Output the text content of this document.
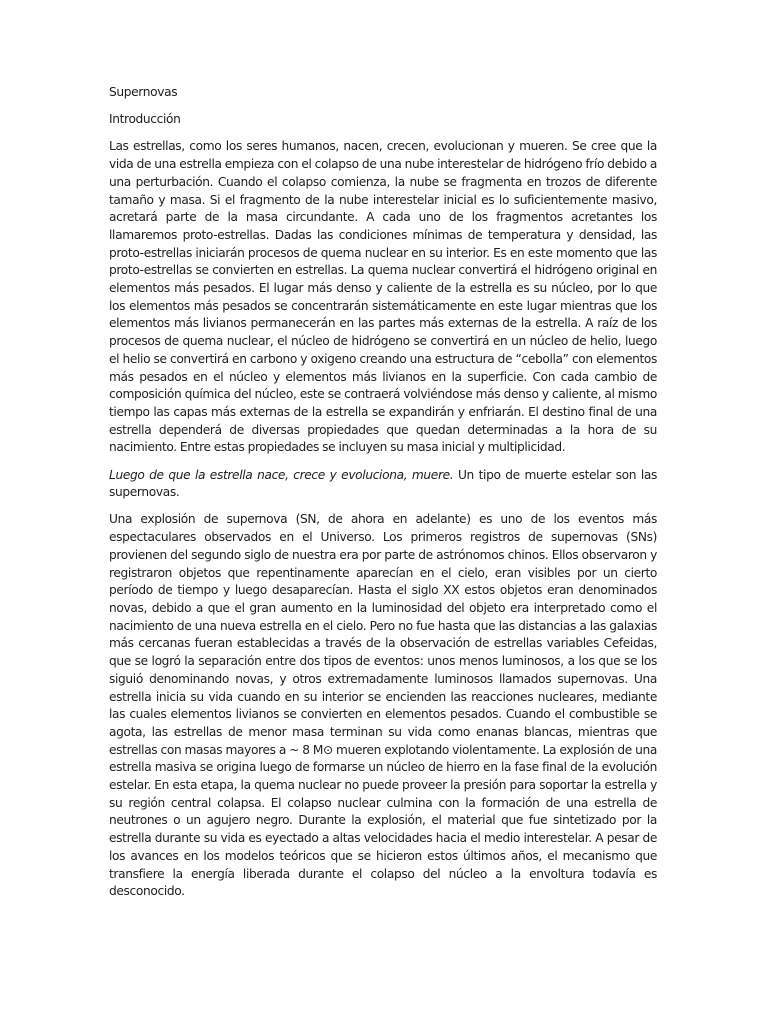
Supernovas
Introducción

Las estrellas, como los seres humanos, nacen, crecen, evolucionan y mueren. Se cree que la vida de una estrella empieza con el colapso de una nube interestelar de hidrógeno frío debido a una perturbación. Cuando el colapso comienza, la nube se fragmenta en trozos de diferente tamaño y masa. Si el fragmento de la nube interestelar inicial es lo suficientemente masivo, acretará parte de la masa circundante. A cada uno de los fragmentos acretantes los llamaremos proto-estrellas. Dadas las condiciones mínimas de temperatura y densidad, las proto-estrellas iniciarán procesos de quema nuclear en su interior. Es en este momento que las proto-estrellas se convierten en estrellas. La quema nuclear convertirá el hidrógeno original en elementos más pesados. El lugar más denso y caliente de la estrella es su núcleo, por lo que los elementos más pesados se concentrarán sistemáticamente en este lugar mientras que los elementos más livianos permanecerán en las partes más externas de la estrella. A raíz de los procesos de quema nuclear, el núcleo de hidrógeno se convertirá en un núcleo de helio, luego el helio se convertirá en carbono y oxigeno creando una estructura de “cebolla” con elementos más pesados en el núcleo y elementos más livianos en la superficie. Con cada cambio de composición química del núcleo, este se contraerá volviéndose más denso y caliente, al mismo tiempo las capas más externas de la estrella se expandirán y enfriarán. El destino final de una estrella dependerá de diversas propiedades que quedan determinadas a la hora de su nacimiento. Entre estas propiedades se incluyen su masa inicial y multiplicidad.

Luego de que la estrella nace, crece y evoluciona, muere. Un tipo de muerte estelar son las supernovas.

Una explosión de supernova (SN, de ahora en adelante) es uno de los eventos más espectaculares observados en el Universo. Los primeros registros de supernovas (SNs) provienen del segundo siglo de nuestra era por parte de astrónomos chinos. Ellos observaron y registraron objetos que repentinamente aparecían en el cielo, eran visibles por un cierto período de tiempo y luego desaparecían. Hasta el siglo XX estos objetos eran denominados novas, debido a que el gran aumento en la luminosidad del objeto era interpretado como el nacimiento de una nueva estrella en el cielo. Pero no fue hasta que las distancias a las galaxias más cercanas fueran establecidas a través de la observación de estrellas variables Cefeidas, que se logró la separación entre dos tipos de eventos: unos menos luminosos, a los que se los siguió denominando novas, y otros extremadamente luminosos llamados supernovas. Una estrella inicia su vida cuando en su interior se encienden las reacciones nucleares, mediante las cuales elementos livianos se convierten en elementos pesados. Cuando el combustible se agota, las estrellas de menor masa terminan su vida como enanas blancas, mientras que estrellas con masas mayores a ~ 8 M⊙ mueren explotando violentamente. La explosión de una estrella masiva se origina luego de formarse un núcleo de hierro en la fase final de la evolución estelar. En esta etapa, la quema nuclear no puede proveer la presión para soportar la estrella y su región central colapsa. El colapso nuclear culmina con la formación de una estrella de neutrones o un agujero negro. Durante la explosión, el material que fue sintetizado por la estrella durante su vida es eyectado a altas velocidades hacia el medio interestelar. A pesar de los avances en los modelos teóricos que se hicieron estos últimos años, el mecanismo que transfiere la energía liberada durante el colapso del núcleo a la envoltura todavía es desconocido.
